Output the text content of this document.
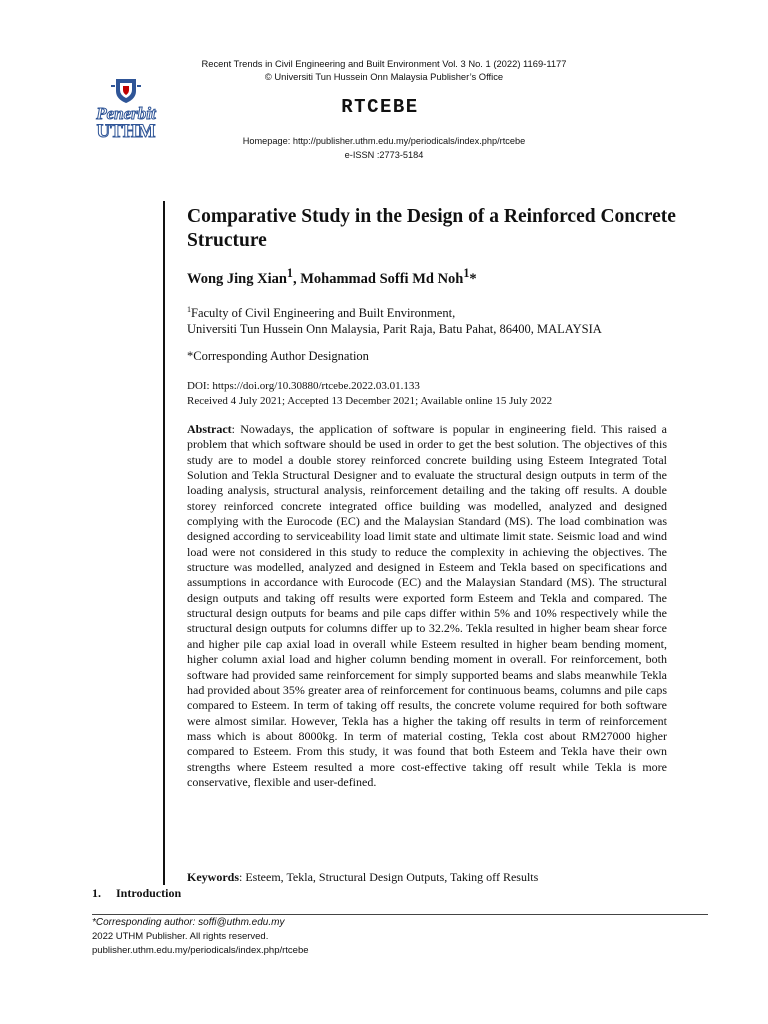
Recent Trends in Civil Engineering and Built Environment Vol. 3 No. 1 (2022) 1169-1177
© Universiti Tun Hussein Onn Malaysia Publisher’s Office
Penerbit
UTHM
RTCEBE
Homepage: http://publisher.uthm.edu.my/periodicals/index.php/rtcebe
e-ISSN :2773-5184
Comparative Study in the Design of a Reinforced Concrete Structure
Wong Jing Xian$^1$, Mohammad Soffi Md Noh$^1$*
$^1$Faculty of Civil Engineering and Built Environment,
Universiti Tun Hussein Onn Malaysia, Parit Raja, Batu Pahat, 86400, MALAYSIA
*Corresponding Author Designation
DOI: https://doi.org/10.30880/rtcebe.2022.03.01.133
Received 4 July 2021; Accepted 13 December 2021; Available online 15 July 2022
Abstract: Nowadays, the application of software is popular in engineering field. This raised a problem that which software should be used in order to get the best solution. The objectives of this study are to model a double storey reinforced concrete building using Esteem Integrated Total Solution and Tekla Structural Designer and to evaluate the structural design outputs in term of the loading analysis, structural analysis, reinforcement detailing and the taking off results. A double storey reinforced concrete integrated office building was modelled, analyzed and designed complying with the Eurocode (EC) and the Malaysian Standard (MS). The load combination was designed according to serviceability load limit state and ultimate limit state. Seismic load and wind load were not considered in this study to reduce the complexity in achieving the objectives. The structure was modelled, analyzed and designed in Esteem and Tekla based on specifications and assumptions in accordance with Eurocode (EC) and the Malaysian Standard (MS). The structural design outputs and taking off results were exported form Esteem and Tekla and compared. The structural design outputs for beams and pile caps differ within 5% and 10% respectively while the structural design outputs for columns differ up to 32.2%. Tekla resulted in higher beam shear force and higher pile cap axial load in overall while Esteem resulted in higher beam bending moment, higher column axial load and higher column bending moment in overall. For reinforcement, both software had provided same reinforcement for simply supported beams and slabs meanwhile Tekla had provided about 35% greater area of reinforcement for continuous beams, columns and pile caps compared to Esteem. In term of taking off results, the concrete volume required for both software were almost similar. However, Tekla has a higher the taking off results in term of reinforcement mass which is about 8000kg. In term of material costing, Tekla cost about RM27000 higher compared to Esteem. From this study, it was found that both Esteem and Tekla have their own strengths where Esteem resulted a more cost-effective taking off result while Tekla is more conservative, flexible and user-defined.
Keywords: Esteem, Tekla, Structural Design Outputs, Taking off Results
1. Introduction
*Corresponding author: soffi@uthm.edu.my
2022 UTHM Publisher. All rights reserved.
publisher.uthm.edu.my/periodicals/index.php/rtcebe
